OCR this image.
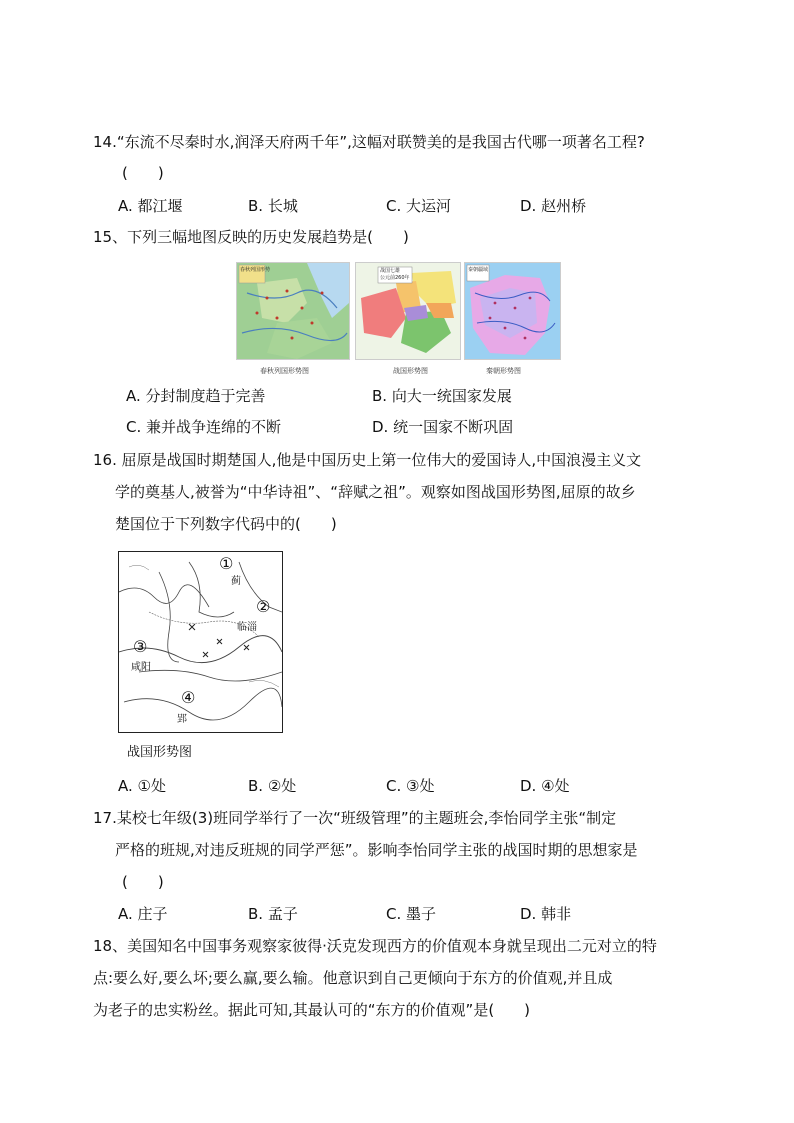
14.“东流不尽秦时水,润泽天府两千年”,这幅对联赞美的是我国古代哪一项著名工程?
(　　)
A. 都江堰	B. 长城	C. 大运河	D. 赵州桥
15、下列三幅地图反映的历史发展趋势是(　　)
春秋列国形势
春秋列国形势图
战国七雄
公元前260年
战国形势图
秦朝疆域
秦朝形势图
A. 分封制度趋于完善	B. 向大一统国家发展
C. 兼并战争连绵的不断	D. 统一国家不断巩固
16. 屈原是战国时期楚国人,他是中国历史上第一位伟大的爱国诗人,中国浪漫主义文
学的奠基人,被誉为“中华诗祖”、“辞赋之祖”。观察如图战国形势图,屈原的故乡
楚国位于下列数字代码中的(　　)
①
蓟
②
临淄
③
咸阳
④
郢
战国形势图
A. ①处	B. ②处	C. ③处	D. ④处
17.某校七年级(3)班同学举行了一次“班级管理”的主题班会,李怡同学主张“制定
严格的班规,对违反班规的同学严惩”。影响李怡同学主张的战国时期的思想家是
(　　)
A. 庄子	B. 孟子	C. 墨子	D. 韩非
18、美国知名中国事务观察家彼得·沃克发现西方的价值观本身就呈现出二元对立的特
点:要么好,要么坏;要么赢,要么输。他意识到自己更倾向于东方的价值观,并且成
为老子的忠实粉丝。据此可知,其最认可的“东方的价值观”是(　　)
